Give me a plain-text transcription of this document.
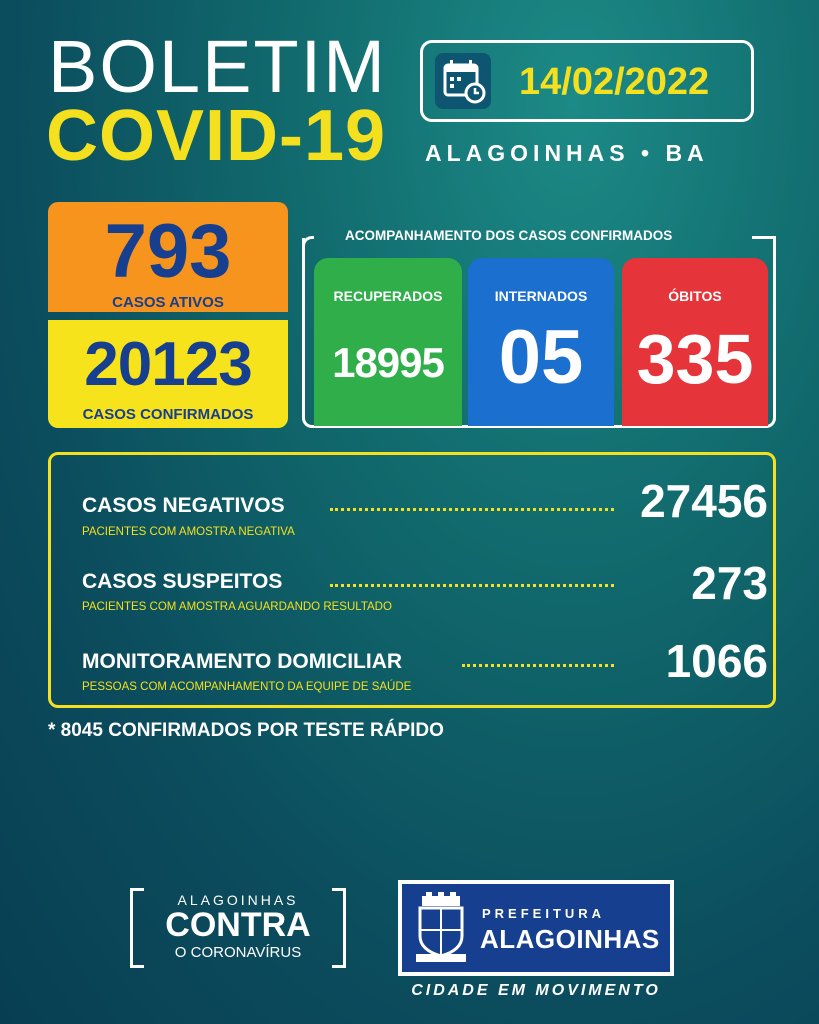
BOLETIM
COVID-19
14/02/2022
ALAGOINHAS • BA
793
CASOS ATIVOS
20123
CASOS CONFIRMADOS
ACOMPANHAMENTO DOS CASOS CONFIRMADOS
RECUPERADOS
18995
INTERNADOS
05
ÓBITOS
335
CASOS NEGATIVOS
PACIENTES COM AMOSTRA NEGATIVA
27456
CASOS SUSPEITOS
PACIENTES COM AMOSTRA AGUARDANDO RESULTADO	273
MONITORAMENTO DOMICILIAR
PESSOAS COM ACOMPANHAMENTO DA EQUIPE DE SAÚDE	1066
* 8045 CONFIRMADOS POR TESTE RÁPIDO
ALAGOINHAS
CONTRA
O CORONAVÍRUS
PREFEITURA
ALAGOINHAS
CIDADE EM MOVIMENTO
